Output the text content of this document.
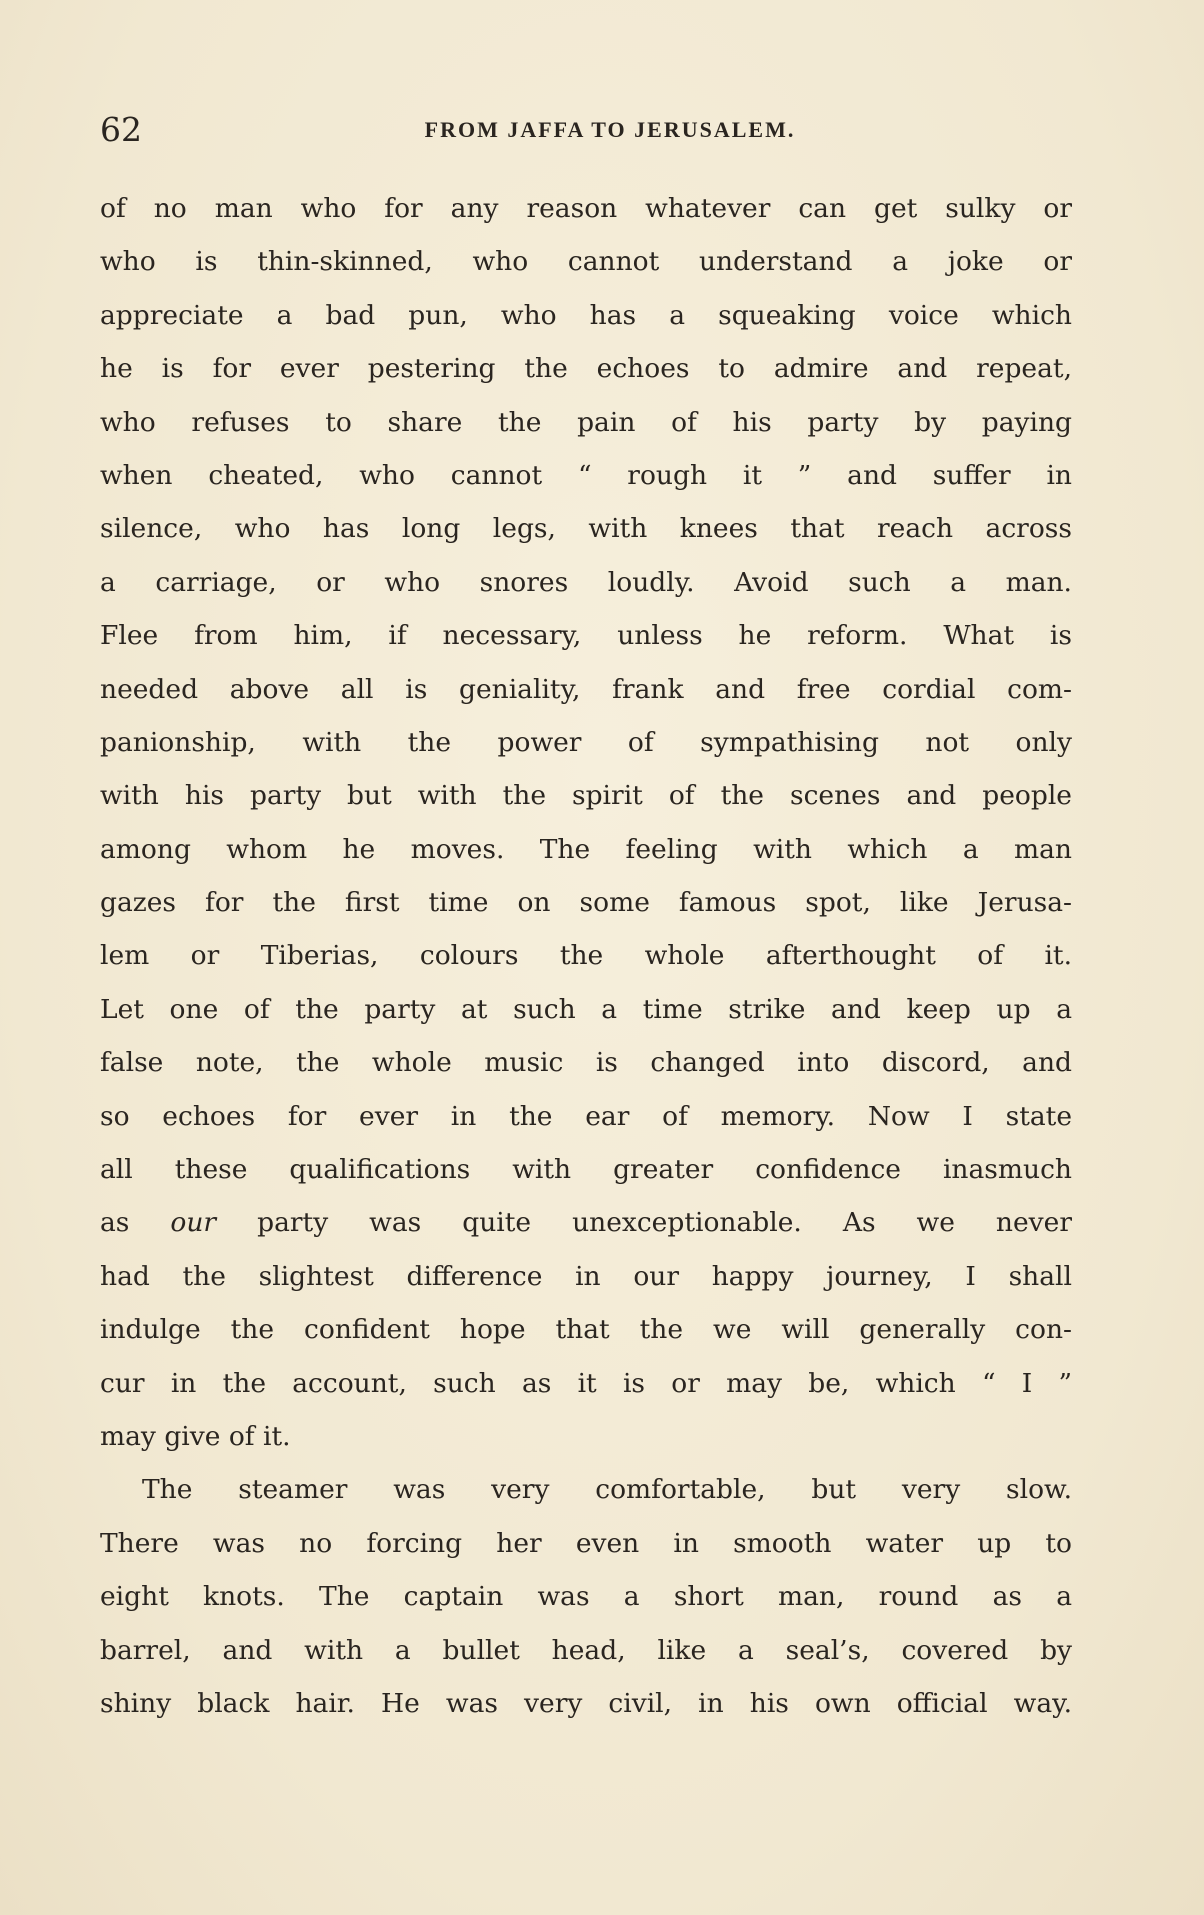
62	FROM JAFFA TO JERUSALEM.
of no man who for any reason whatever can get sulky or
who is thin-skinned, who cannot understand a joke or
appreciate a bad pun, who has a squeaking voice which
he is for ever pestering the echoes to admire and repeat,
who refuses to share the pain of his party by paying
when cheated, who cannot “ rough it ” and suffer in
silence, who has long legs, with knees that reach across
a carriage, or who snores loudly. Avoid such a man.
Flee from him, if necessary, unless he reform. What is
needed above all is geniality, frank and free cordial com-
panionship, with the power of sympathising not only
with his party but with the spirit of the scenes and people
among whom he moves. The feeling with which a man
gazes for the first time on some famous spot, like Jerusa-
lem or Tiberias, colours the whole afterthought of it.
Let one of the party at such a time strike and keep up a
false note, the whole music is changed into discord, and
so echoes for ever in the ear of memory. Now I state
all these qualifications with greater confidence inasmuch
as our party was quite unexceptionable. As we never
had the slightest difference in our happy journey, I shall
indulge the confident hope that the we will generally con-
cur in the account, such as it is or may be, which “ I ”
may give of it.
The steamer was very comfortable, but very slow.
There was no forcing her even in smooth water up to
eight knots. The captain was a short man, round as a
barrel, and with a bullet head, like a seal’s, covered by
shiny black hair. He was very civil, in his own official way.
